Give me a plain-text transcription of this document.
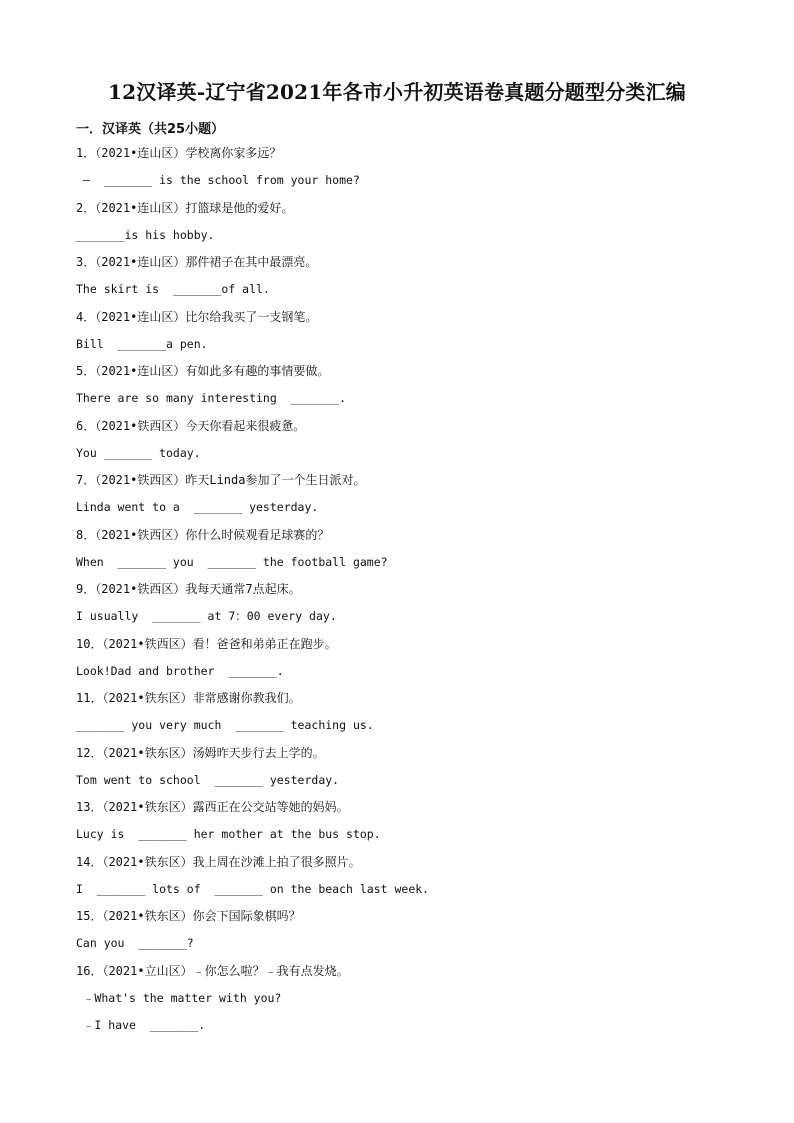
12汉译英-辽宁省2021年各市小升初英语卷真题分题型分类汇编
一．汉译英（共25小题）
1．（2021•连山区）学校离你家多远？
–  _______ is the school from your home?
2．（2021•连山区）打篮球是他的爱好。
_______is his hobby.
3．（2021•连山区）那件裙子在其中最漂亮。
The skirt is  _______of all.
4．（2021•连山区）比尔给我买了一支钢笔。
Bill  _______a pen.
5．（2021•连山区）有如此多有趣的事情要做。
There are so many interesting  _______.
6．（2021•铁西区）今天你看起来很疲惫。
You _______ today.
7．（2021•铁西区）昨天Linda参加了一个生日派对。
Linda went to a  _______ yesterday.
8．（2021•铁西区）你什么时候观看足球赛的？
When  _______ you  _______ the football game?
9．（2021•铁西区）我每天通常7点起床。
I usually  _______ at 7：00 every day.
10．（2021•铁西区）看！爸爸和弟弟正在跑步。
Look!Dad and brother  _______.
11．（2021•铁东区）非常感谢你教我们。
_______ you very much  _______ teaching us.
12．（2021•铁东区）汤姆昨天步行去上学的。
Tom went to school  _______ yesterday.
13．（2021•铁东区）露西正在公交站等她的妈妈。
Lucy is  _______ her mother at the bus stop.
14．（2021•铁东区）我上周在沙滩上拍了很多照片。
I  _______ lots of  _______ on the beach last week.
15．（2021•铁东区）你会下国际象棋吗？
Can you  _______?
16．（2021•立山区）﹣你怎么啦？﹣我有点发烧。
﹣What's the matter with you?
﹣I have  _______.
